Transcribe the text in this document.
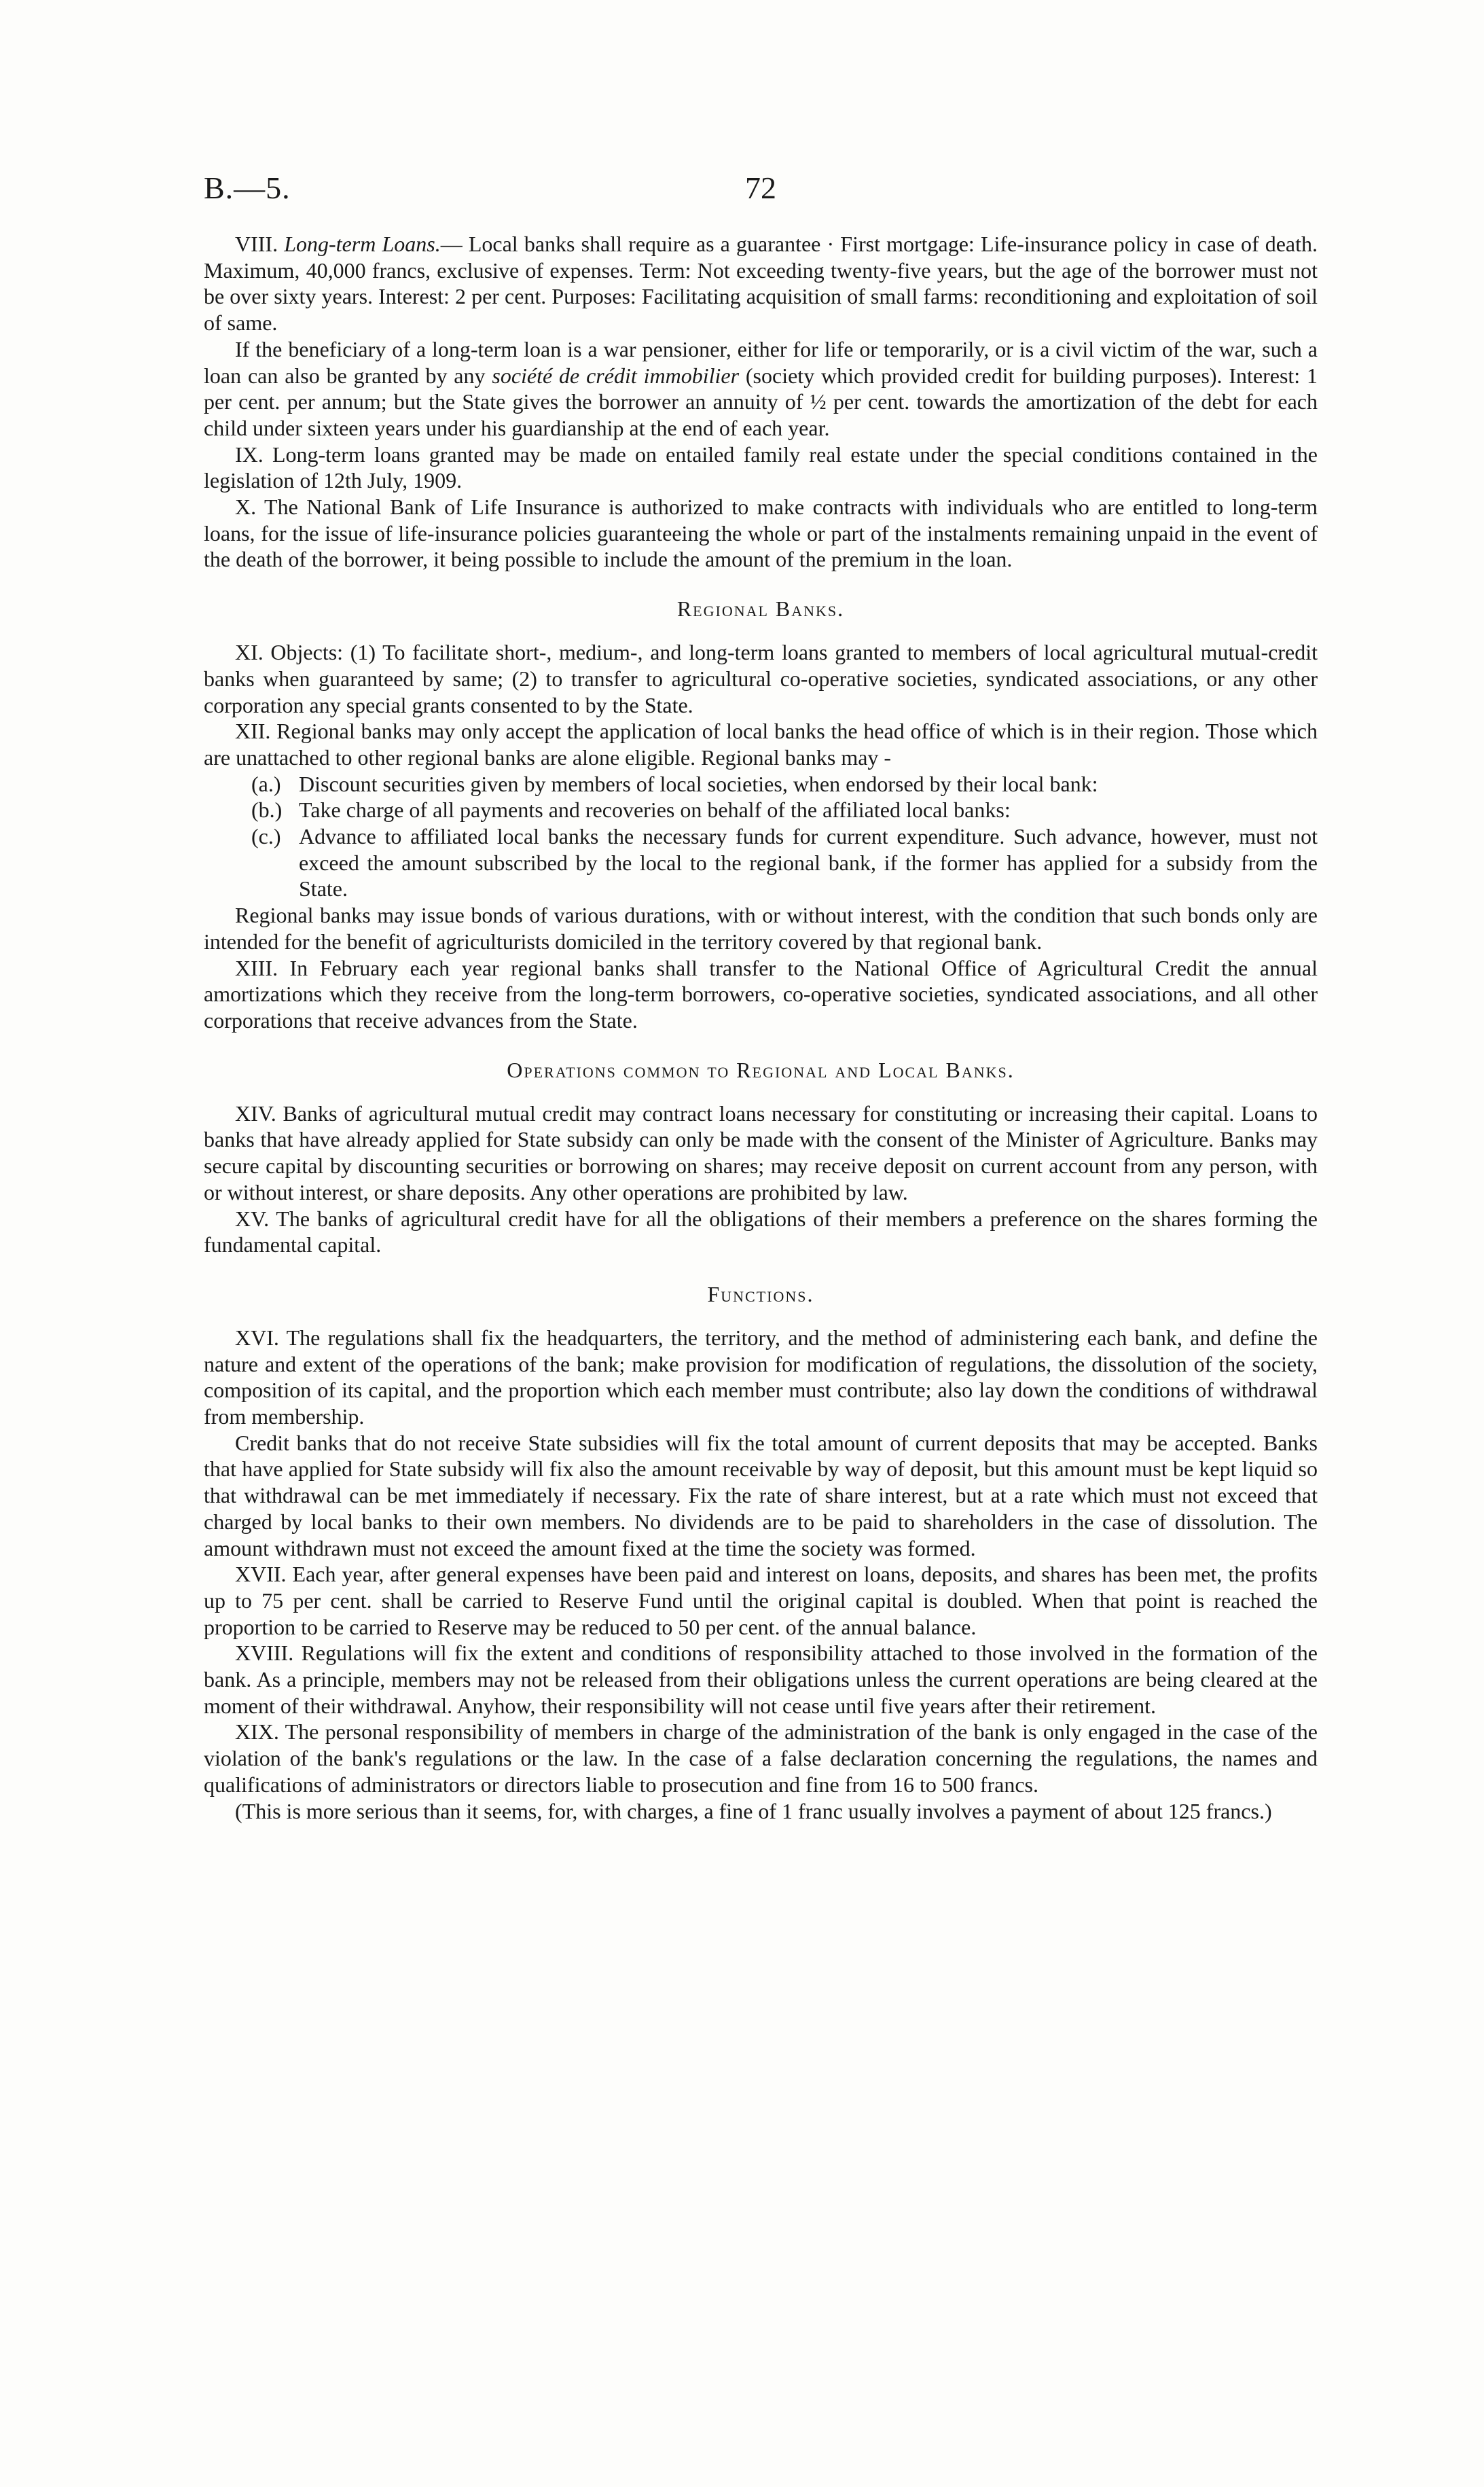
B.—5.	72

VIII. Long-term Loans.— Local banks shall require as a guarantee · First mortgage: Life-insurance policy in case of death. Maximum, 40,000 francs, exclusive of expenses. Term: Not exceeding twenty-five years, but the age of the borrower must not be over sixty years. Interest: 2 per cent. Purposes: Facilitating acquisition of small farms: reconditioning and exploitation of soil of same.

If the beneficiary of a long-term loan is a war pensioner, either for life or temporarily, or is a civil victim of the war, such a loan can also be granted by any société de crédit immobilier (society which provided credit for building purposes). Interest: 1 per cent. per annum; but the State gives the borrower an annuity of ½ per cent. towards the amortization of the debt for each child under sixteen years under his guardianship at the end of each year.

IX. Long-term loans granted may be made on entailed family real estate under the special conditions contained in the legislation of 12th July, 1909.

X. The National Bank of Life Insurance is authorized to make contracts with individuals who are entitled to long-term loans, for the issue of life-insurance policies guaranteeing the whole or part of the instalments remaining unpaid in the event of the death of the borrower, it being possible to include the amount of the premium in the loan.

Regional Banks.

XI. Objects: (1) To facilitate short-, medium-, and long-term loans granted to members of local agricultural mutual-credit banks when guaranteed by same; (2) to transfer to agricultural co-operative societies, syndicated associations, or any other corporation any special grants consented to by the State.

XII. Regional banks may only accept the application of local banks the head office of which is in their region. Those which are unattached to other regional banks are alone eligible. Regional banks may -

(a.) Discount securities given by members of local societies, when endorsed by their local bank:
(b.) Take charge of all payments and recoveries on behalf of the affiliated local banks:
(c.) Advance to affiliated local banks the necessary funds for current expenditure. Such advance, however, must not exceed the amount subscribed by the local to the regional bank, if the former has applied for a subsidy from the State.

Regional banks may issue bonds of various durations, with or without interest, with the condition that such bonds only are intended for the benefit of agriculturists domiciled in the territory covered by that regional bank.

XIII. In February each year regional banks shall transfer to the National Office of Agricultural Credit the annual amortizations which they receive from the long-term borrowers, co-operative societies, syndicated associations, and all other corporations that receive advances from the State.

Operations common to Regional and Local Banks.

XIV. Banks of agricultural mutual credit may contract loans necessary for constituting or increasing their capital. Loans to banks that have already applied for State subsidy can only be made with the consent of the Minister of Agriculture. Banks may secure capital by discounting securities or borrowing on shares; may receive deposit on current account from any person, with or without interest, or share deposits. Any other operations are prohibited by law.

XV. The banks of agricultural credit have for all the obligations of their members a preference on the shares forming the fundamental capital.

Functions.

XVI. The regulations shall fix the headquarters, the territory, and the method of administering each bank, and define the nature and extent of the operations of the bank; make provision for modification of regulations, the dissolution of the society, composition of its capital, and the proportion which each member must contribute; also lay down the conditions of withdrawal from membership.

Credit banks that do not receive State subsidies will fix the total amount of current deposits that may be accepted. Banks that have applied for State subsidy will fix also the amount receivable by way of deposit, but this amount must be kept liquid so that withdrawal can be met immediately if necessary. Fix the rate of share interest, but at a rate which must not exceed that charged by local banks to their own members. No dividends are to be paid to shareholders in the case of dissolution. The amount withdrawn must not exceed the amount fixed at the time the society was formed.

XVII. Each year, after general expenses have been paid and interest on loans, deposits, and shares has been met, the profits up to 75 per cent. shall be carried to Reserve Fund until the original capital is doubled. When that point is reached the proportion to be carried to Reserve may be reduced to 50 per cent. of the annual balance.

XVIII. Regulations will fix the extent and conditions of responsibility attached to those involved in the formation of the bank. As a principle, members may not be released from their obligations unless the current operations are being cleared at the moment of their withdrawal. Anyhow, their responsibility will not cease until five years after their retirement.

XIX. The personal responsibility of members in charge of the administration of the bank is only engaged in the case of the violation of the bank's regulations or the law. In the case of a false declaration concerning the regulations, the names and qualifications of administrators or directors liable to prosecution and fine from 16 to 500 francs.

(This is more serious than it seems, for, with charges, a fine of 1 franc usually involves a payment of about 125 francs.)
